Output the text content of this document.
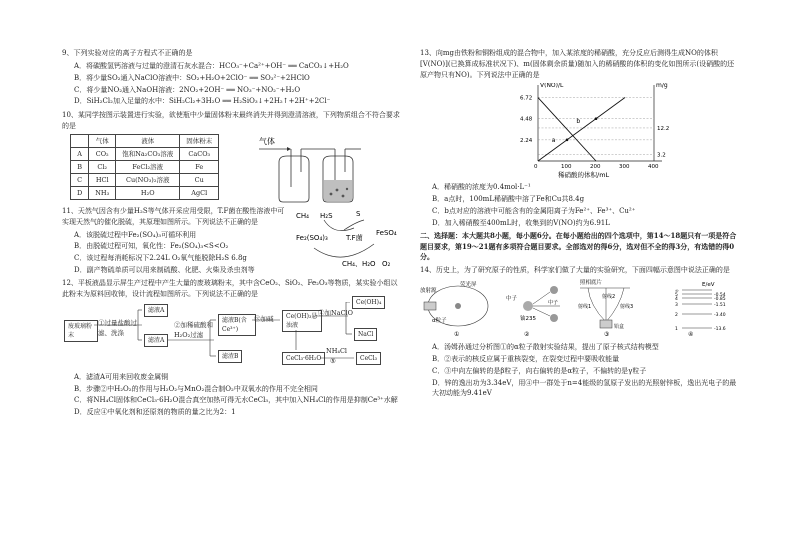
9、下列实验对应的离子方程式不正确的是
A．将碳酸氢钙溶液与过量的澄清石灰水混合：HCO₃⁻+Ca²⁺+OH⁻ ══ CaCO₃↓+H₂O
B．将少量SO₂通入NaClO溶液中：SO₂+H₂O+2ClO⁻ ══ SO₃²⁻+2HClO
C．将少量NO₂通入NaOH溶液：2NO₂+2OH⁻ ══ NO₃⁻+NO₂⁻+H₂O
D．SiH₂Cl₂加入足量的水中：SiH₂Cl₂+3H₂O ══ H₂SiO₃↓+2H₂↑+2H⁺+2Cl⁻
10、某同学按图示装置进行实验，欲使瓶中少量固体粉末最终消失并得到澄清溶液，下列物质组合不符合要求的是
	气体	液体	固体粉末
A	CO₂	饱和Na₂CO₃溶液	CaCO₃
B	Cl₂	FeCl₂溶液	Fe
C	HCl	Cu(NO₃)₂溶液	Cu
D	NH₃	H₂O	AgCl
气体
11、天然气因含有少量H₂S等气体开采应用受限，T.F菌在酸性溶液中可实现天然气的催化脱硫，其原理如图所示。下列说法不正确的是
A．该脱硫过程中Fe₂(SO₄)₃可循环利用
B．由脱硫过程可知，氧化性：Fe₂(SO₄)₃<S<O₂
C．该过程每消耗标况下2.24L O₂氧气能脱除H₂S 6.8g
D．副产物硫单质可以用来制硫酸、化肥、火柴及杀虫剂等
CH₄ H₂S	S
Fe₂(SO₄)₃	T.F菌
FeSO₄
CH₄、H₂O O₂
12、平板液晶显示屏生产过程中产生大量的废玻璃粉末，其中含CeO₂、SiO₂、Fe₂O₃等物质，某实验小组以此粉末为原料回收铈，设计流程如图所示。下列说法不正确的是
废玻璃粉末
①过量盐酸过滤、洗涤
滤液A
滤渣A
②加稀硫酸和H₂O₂过滤
滤液B(含Ce³⁺)
滤渣B
③加碱	Ce(OH)₃悬浊液
④加NaClO
Ce(OH)₄
NaCl
CeCl₃·6H₂O
NH₄Cl
⑤	CeCl₃
A．滤渣A可用来回收废金属铜
B．步骤②中H₂O₂的作用与H₂O₂与MnO₂混合制O₂中双氧水的作用不完全相同
C．将NH₄Cl固体和CeCl₃·6H₂O混合真空加热可得无水CeCl₃，其中加入NH₄Cl的作用是抑制Ce³⁺水解
D．反应④中氧化剂和还原剂的物质的量之比为2：1
13、向mg由铁粉和铜粉组成的混合物中，加入某浓度的稀硝酸，充分反应后测得生成NO的体积[V(NO)](已换算成标准状况下)、m(固体剩余质量)随加入的稀硝酸的体积的变化如图所示(设硝酸的还原产物只有NO)。下列说法中正确的是
V(NO)/L	m/g
稀硝酸的体积/mL
0	100	200	300	400
2.24
4.48
6.72
3.2
12.2
a
b
A．稀硝酸的浓度为0.4mol·L⁻¹
B．a点时，100mL稀硝酸中溶了Fe和Cu共8.4g
C．b点对应的溶液中可能含有的金属阳离子为Fe²⁺、Fe³⁺、Cu²⁺
D．加入稀硝酸至400mL时，收集到的V(NO)约为6.91L
二、选择题：本大题共8小题，每小题6分。在每小题给出的四个选项中，第14～18题只有一项是符合题目要求，第19～21题有多项符合题目要求。全部选对的得6分，选对但不全的得3分，有选错的得0分。
14、历史上，为了研究原子的性质，科学家们做了大量的实验研究，下面四幅示意图中说法正确的是
放射源
荧光屏
α粒子
①
中子
铀235
中子
②
照相底片
射线1
射线2
射线3
铅盒
③
E/eV
④
∞
5	-0.54
4	-0.85
3	-1.51
2	-3.40
1	-13.6
A．汤姆孙通过分析图①的α粒子散射实验结果，提出了原子核式结构模型
B．②表示的核反应属于重核裂变，在裂变过程中要吸收能量
C．③中向左偏转的是β粒子，向右偏转的是α粒子，不偏转的是γ粒子
D．锌的逸出功为3.34eV，用④中一群处于n=4能级的氢原子发出的光照射锌板，逸出光电子的最大初动能为9.41eV
